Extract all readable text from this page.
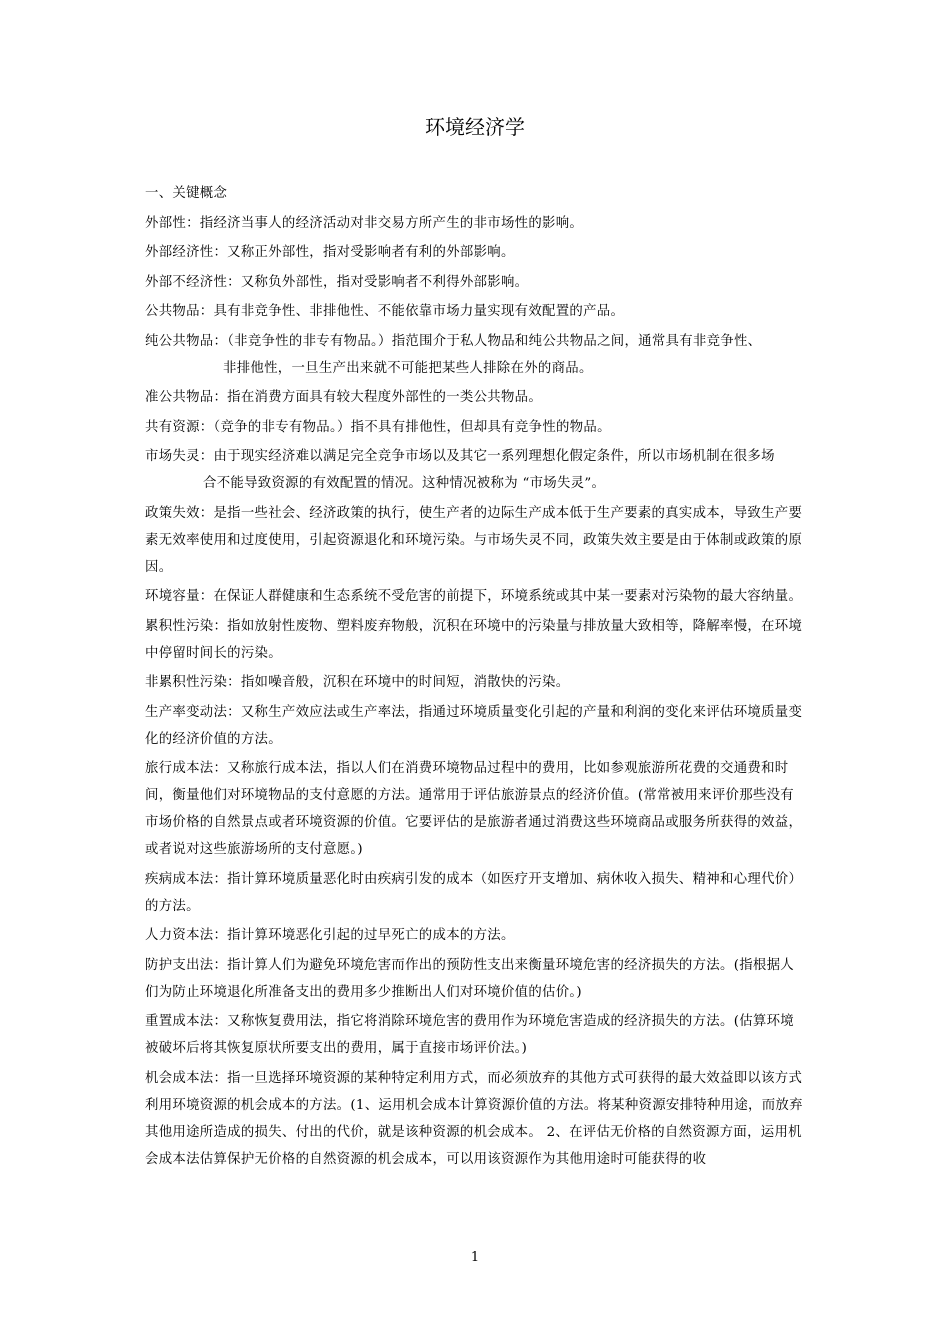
环境经济学

一、关键概念

外部性：指经济当事人的经济活动对非交易方所产生的非市场性的影响。

外部经济性：又称正外部性，指对受影响者有利的外部影响。

外部不经济性：又称负外部性，指对受影响者不利得外部影响。

公共物品：具有非竞争性、非排他性、不能依靠市场力量实现有效配置的产品。

纯公共物品：（非竞争性的非专有物品。）指范围介于私人物品和纯公共物品之间，通常具有非竞争性、
非排他性，一旦生产出来就不可能把某些人排除在外的商品。

准公共物品：指在消费方面具有较大程度外部性的一类公共物品。

共有资源：（竞争的非专有物品。）指不具有排他性，但却具有竞争性的物品。

市场失灵：由于现实经济难以满足完全竞争市场以及其它一系列理想化假定条件，所以市场机制在很多场
合不能导致资源的有效配置的情况。这种情况被称为 “市场失灵”。

政策失效：是指一些社会、经济政策的执行，使生产者的边际生产成本低于生产要素的真实成本，导致生产要素无效率使用和过度使用，引起资源退化和环境污染。与市场失灵不同，政策失效主要是由于体制或政策的原因。

环境容量：在保证人群健康和生态系统不受危害的前提下，环境系统或其中某一要素对污染物的最大容纳量。

累积性污染：指如放射性废物、塑料废弃物般，沉积在环境中的污染量与排放量大致相等，降解率慢，在环境中停留时间长的污染。

非累积性污染：指如噪音般，沉积在环境中的时间短，消散快的污染。

生产率变动法：又称生产效应法或生产率法，指通过环境质量变化引起的产量和利润的变化来评估环境质量变化的经济价值的方法。

旅行成本法：又称旅行成本法，指以人们在消费环境物品过程中的费用，比如参观旅游所花费的交通费和时间，衡量他们对环境物品的支付意愿的方法。通常用于评估旅游景点的经济价值。(常常被用来评价那些没有市场价格的自然景点或者环境资源的价值。它要评估的是旅游者通过消费这些环境商品或服务所获得的效益，或者说对这些旅游场所的支付意愿。)

疾病成本法：指计算环境质量恶化时由疾病引发的成本（如医疗开支增加、病休收入损失、精神和心理代价）的方法。

人力资本法：指计算环境恶化引起的过早死亡的成本的方法。

防护支出法：指计算人们为避免环境危害而作出的预防性支出来衡量环境危害的经济损失的方法。(指根据人们为防止环境退化所准备支出的费用多少推断出人们对环境价值的估价。)

重置成本法：又称恢复费用法，指它将消除环境危害的费用作为环境危害造成的经济损失的方法。(估算环境被破坏后将其恢复原状所要支出的费用，属于直接市场评价法。)

机会成本法：指一旦选择环境资源的某种特定利用方式，而必须放弃的其他方式可获得的最大效益即以该方式利用环境资源的机会成本的方法。(1、运用机会成本计算资源价值的方法。将某种资源安排特种用途，而放弃其他用途所造成的损失、付出的代价，就是该种资源的机会成本。 2、在评估无价格的自然资源方面，运用机会成本法估算保护无价格的自然资源的机会成本，可以用该资源作为其他用途时可能获得的收

1
